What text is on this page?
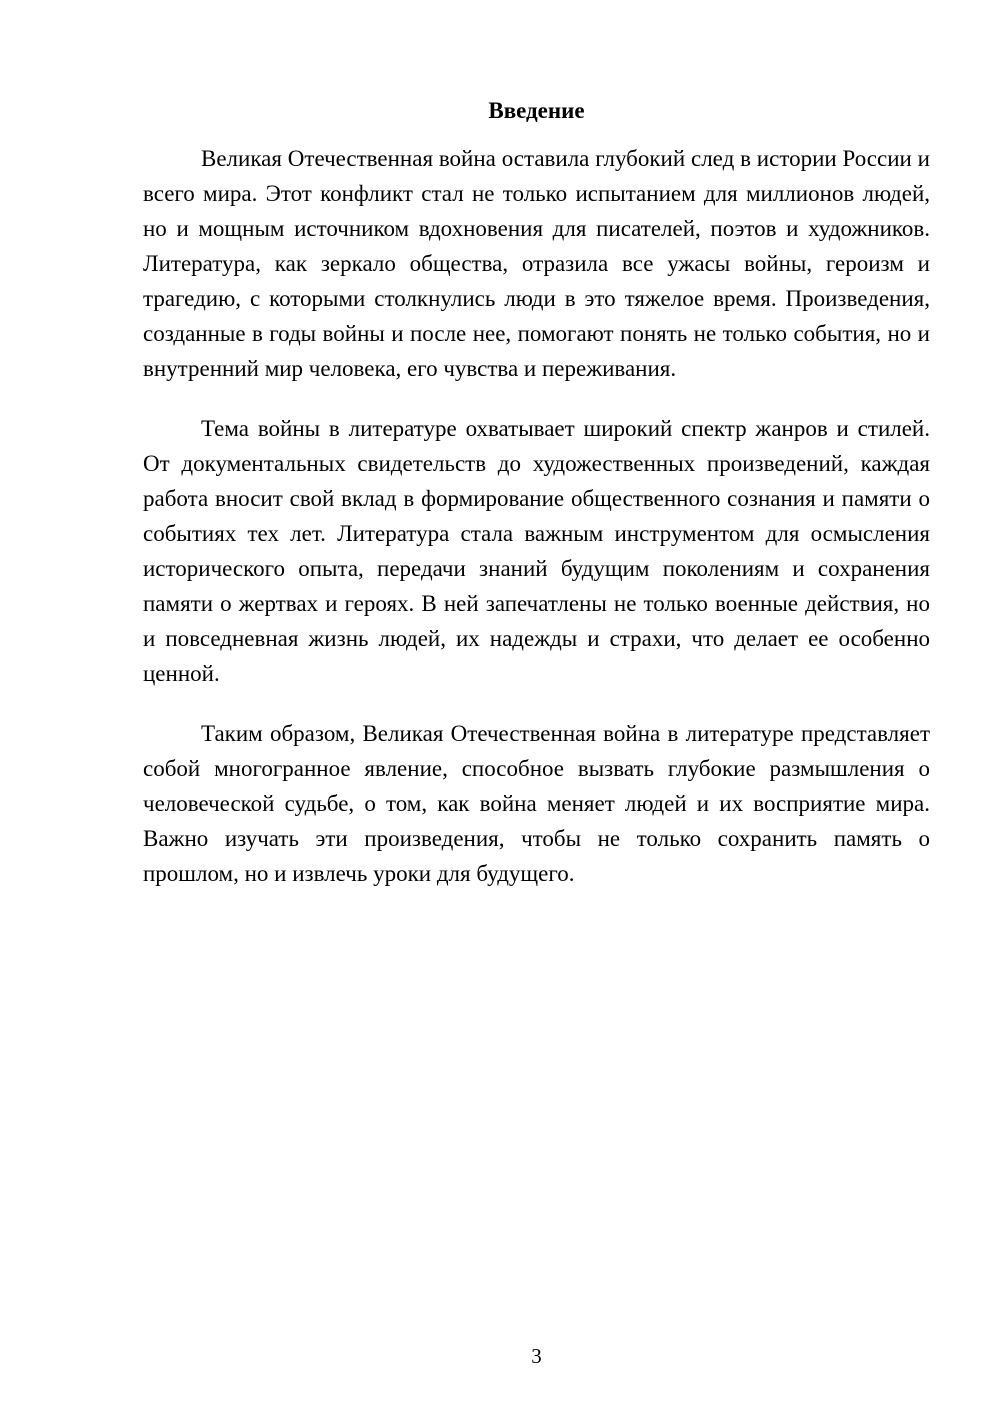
Введение

Великая Отечественная война оставила глубокий след в истории России и всего мира. Этот конфликт стал не только испытанием для миллионов людей, но и мощным источником вдохновения для писателей, поэтов и художников. Литература, как зеркало общества, отразила все ужасы войны, героизм и трагедию, с которыми столкнулись люди в это тяжелое время. Произведения, созданные в годы войны и после нее, помогают понять не только события, но и внутренний мир человека, его чувства и переживания.

Тема войны в литературе охватывает широкий спектр жанров и стилей. От документальных свидетельств до художественных произведений, каждая работа вносит свой вклад в формирование общественного сознания и памяти о событиях тех лет. Литература стала важным инструментом для осмысления исторического опыта, передачи знаний будущим поколениям и сохранения памяти о жертвах и героях. В ней запечатлены не только военные действия, но и повседневная жизнь людей, их надежды и страхи, что делает ее особенно ценной.

Таким образом, Великая Отечественная война в литературе представляет собой многогранное явление, способное вызвать глубокие размышления о человеческой судьбе, о том, как война меняет людей и их восприятие мира. Важно изучать эти произведения, чтобы не только сохранить память о прошлом, но и извлечь уроки для будущего.

3
